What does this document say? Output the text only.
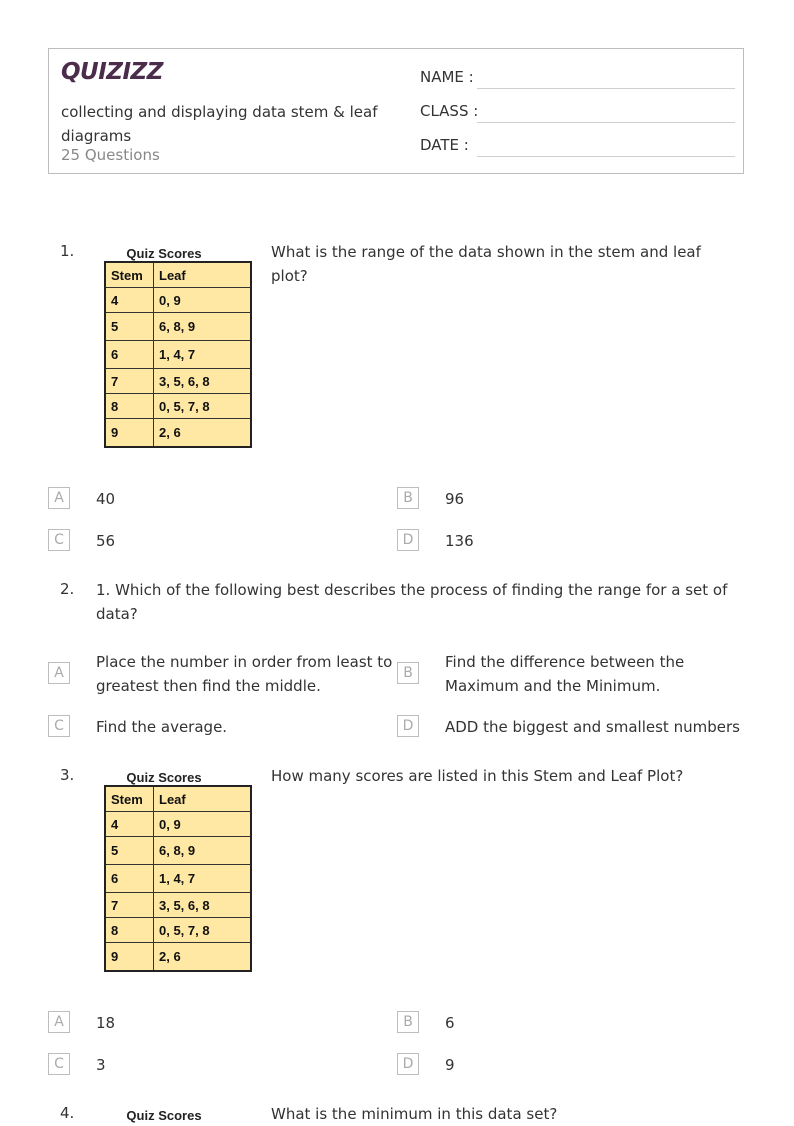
QUIZIZZ
collecting and displaying data stem & leaf diagrams
25 Questions
NAME :
CLASS :
DATE :
1.	Quiz Scores
Stem	Leaf
4	0, 9
5	6, 8, 9
6	1, 4, 7
7	3, 5, 6, 8
8	0, 5, 7, 8
9	2, 6
What is the range of the data shown in the stem and leaf plot?
A	40	B	96
C	56	D	136
2. 1. Which of the following best describes the process of finding the range for a set of data?
A
Place the number in order from least to greatest then find the middle.
B
Find the difference between the Maximum and the Minimum.
C	Find the average.	D	ADD the biggest and smallest numbers
3.	Quiz Scores
Stem	Leaf
4	0, 9
5	6, 8, 9
6	1, 4, 7
7	3, 5, 6, 8
8	0, 5, 7, 8
9	2, 6
How many scores are listed in this Stem and Leaf Plot?
A	18	B	6
C	3	D	9
4.	Quiz Scores	What is the minimum in this data set?
